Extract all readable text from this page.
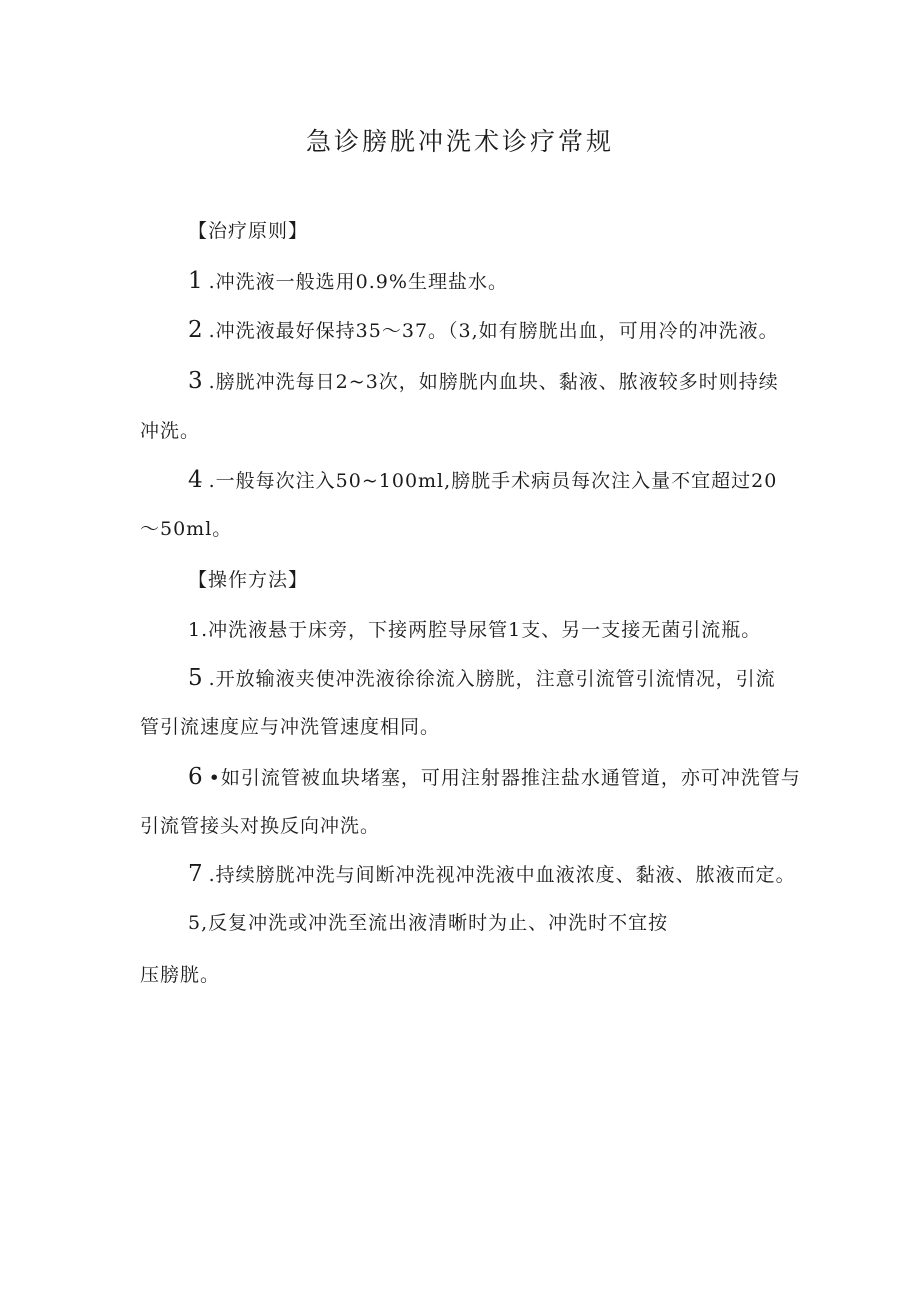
急诊膀胱冲洗术诊疗常规
【治疗原则】
1 .冲洗液一般选用0.9%生理盐水。
2 .冲洗液最好保持35～37。（3,如有膀胱出血，可用冷的冲洗液。
3 .膀胱冲洗每日2~3次，如膀胱内血块、黏液、脓液较多时则持续
冲洗。
4 .一般每次注入50~100ml,膀胱手术病员每次注入量不宜超过20
～50ml。
【操作方法】
1.冲洗液悬于床旁，下接两腔导尿管1支、另一支接无菌引流瓶。
5 .开放输液夹使冲洗液徐徐流入膀胱，注意引流管引流情况，引流
管引流速度应与冲洗管速度相同。
6 •如引流管被血块堵塞，可用注射器推注盐水通管道，亦可冲洗管与
引流管接头对换反向冲洗。
7 .持续膀胱冲洗与间断冲洗视冲洗液中血液浓度、黏液、脓液而定。
5,反复冲洗或冲洗至流出液清晰时为止、冲洗时不宜按
压膀胱。
